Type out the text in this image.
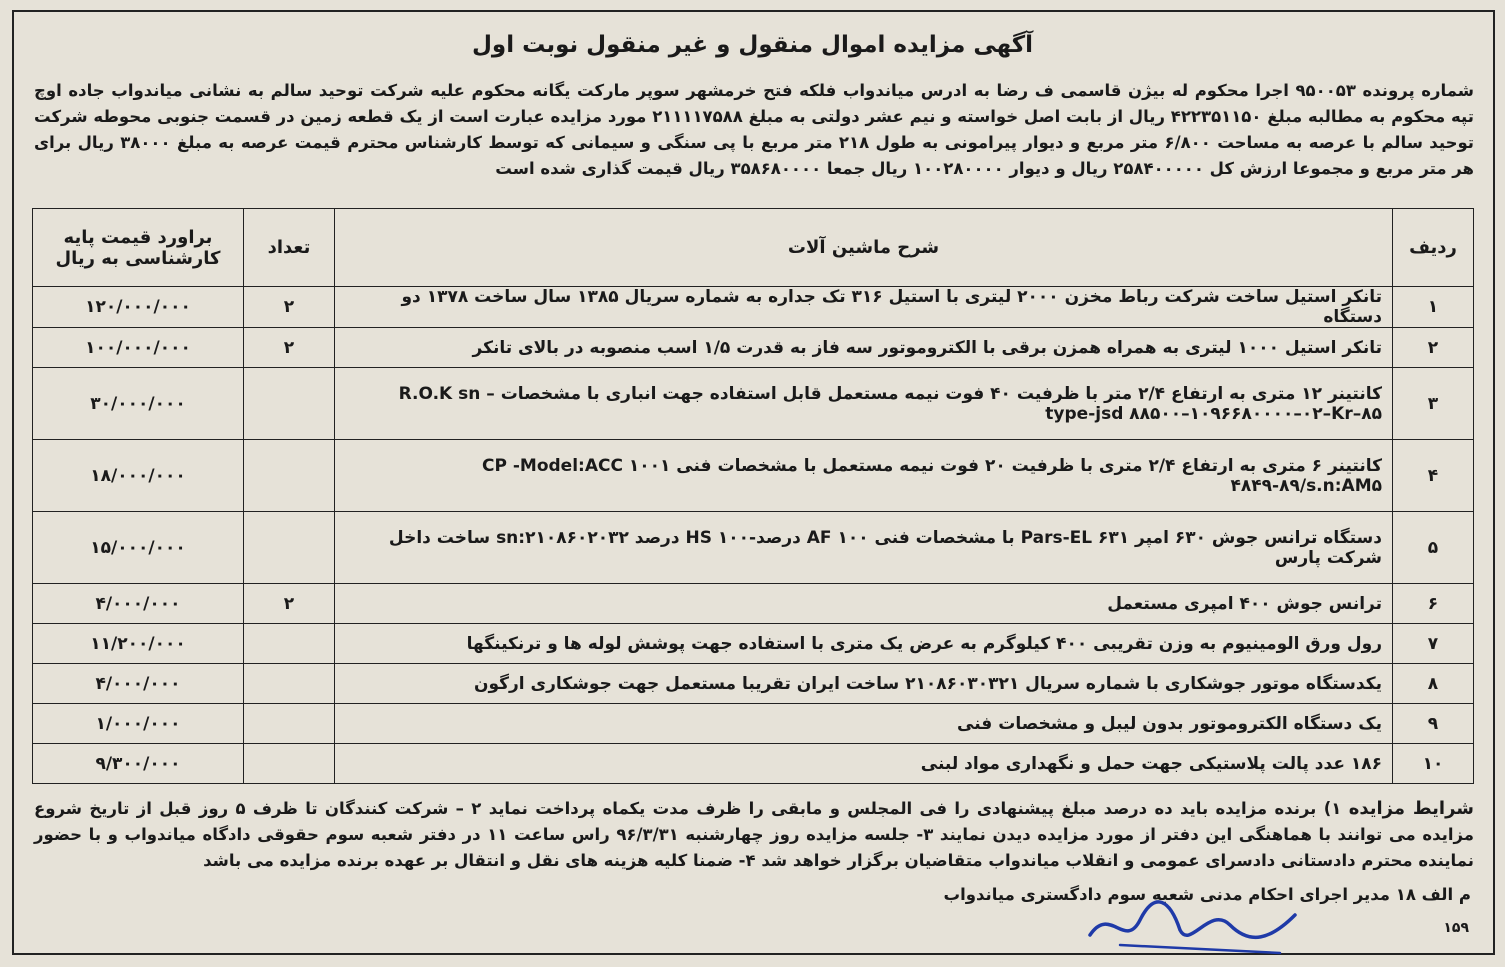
آگهی مزایده اموال منقول و غیر منقول نوبت اول
شماره پرونده ۹۵۰۰۵۳ اجرا محکوم له بیژن قاسمی ف رضا به ادرس میاندواب فلکه فتح خرمشهر سوپر مارکت یگانه محکوم علیه شرکت توحید سالم به نشانی میاندواب جاده اوچ تپه محکوم به مطالبه مبلغ ۴۲۲۳۵۱۱۵۰ ریال از بابت اصل خواسته و نیم عشر دولتی به مبلغ ۲۱۱۱۱۷۵۸۸ مورد مزایده عبارت است از یک قطعه زمین در قسمت جنوبی محوطه شرکت توحید سالم با عرصه به مساحت ۶/۸۰۰ متر مربع و دیوار پیرامونی به طول ۲۱۸ متر مربع با پی سنگی و سیمانی که توسط کارشناس محترم قیمت عرصه به مبلغ ۳۸۰۰۰ ریال برای هر متر مربع و مجموعا ارزش کل ۲۵۸۴۰۰۰۰۰ ریال و دیوار ۱۰۰۲۸۰۰۰۰ ریال جمعا ۳۵۸۶۸۰۰۰۰ ریال قیمت گذاری شده است
ردیف	شرح ماشین آلات	تعداد	براورد قیمت پایه کارشناسی به ریال
۱	تانکر استیل ساخت شرکت رباط مخزن ۲۰۰۰ لیتری با استیل ۳۱۶ تک جداره به شماره سریال ۱۳۸۵ سال ساخت ۱۳۷۸ دو دستگاه	۲	۱۲۰/۰۰۰/۰۰۰
۲	تانکر استیل ۱۰۰۰ لیتری به همراه همزن برقی با الکتروموتور سه فاز به قدرت ۱/۵ اسب منصوبه در بالای تانکر	۲	۱۰۰/۰۰۰/۰۰۰
۳	کانتینر ۱۲ متری به ارتفاع ۲/۴ متر با ظرفیت ۴۰ فوت نیمه مستعمل قابل استفاده جهت انباری با مشخصات R.O.K sn – type-jsd ۸۸۵۰۰–۱۰۹۶۶۸۰۰۰۰–۰۲–Kr–۸۵		۳۰/۰۰۰/۰۰۰
۴	کانتینر ۶ متری به ارتفاع ۲/۴ متری با ظرفیت ۲۰ فوت نیمه مستعمل با مشخصات فنی CP -Model:ACC ۱۰۰۱ ۴۸۴۹-۸۹/s.n:AM۵		۱۸/۰۰۰/۰۰۰
۵	دستگاه ترانس جوش ۶۳۰ امپر Pars-EL ۶۳۱ با مشخصات فنی AF ۱۰۰ درصد-HS ۱۰۰ درصد ۲۱۰۸۶۰۲۰۳۲:sn ساخت داخل شرکت پارس		۱۵/۰۰۰/۰۰۰
۶	ترانس جوش ۴۰۰ امپری مستعمل	۲	۴/۰۰۰/۰۰۰
۷	رول ورق الومینیوم به وزن تقریبی ۴۰۰ کیلوگرم به عرض یک متری با استفاده جهت پوشش لوله ها و ترنکینگها		۱۱/۲۰۰/۰۰۰
۸	یکدستگاه موتور جوشکاری با شماره سریال ۲۱۰۸۶۰۳۰۳۲۱ ساخت ایران تقریبا مستعمل جهت جوشکاری ارگون		۴/۰۰۰/۰۰۰
۹	یک دستگاه الکتروموتور بدون لیبل و مشخصات فنی		۱/۰۰۰/۰۰۰
۱۰	۱۸۶ عدد پالت پلاستیکی جهت حمل و نگهداری مواد لبنی		۹/۳۰۰/۰۰۰
شرایط مزایده ۱) برنده مزایده باید ده درصد مبلغ پیشنهادی را فی المجلس و مابقی را ظرف مدت یکماه پرداخت نماید ۲ – شرکت کنندگان تا ظرف ۵ روز قبل از تاریخ شروع مزایده می توانند با هماهنگی این دفتر از مورد مزایده دیدن نمایند ۳- جلسه مزایده روز چهارشنبه ۹۶/۳/۳۱ راس ساعت ۱۱ در دفتر شعبه سوم حقوقی دادگاه میاندواب و با حضور نماینده محترم دادستانی دادسرای عمومی و انقلاب میاندواب متقاضیان برگزار خواهد شد ۴- ضمنا کلیه هزینه های نقل و انتقال بر عهده برنده مزایده می باشد
م الف ۱۸ مدیر اجرای احکام مدنی شعبه سوم دادگستری میاندواب
۱۵۹
